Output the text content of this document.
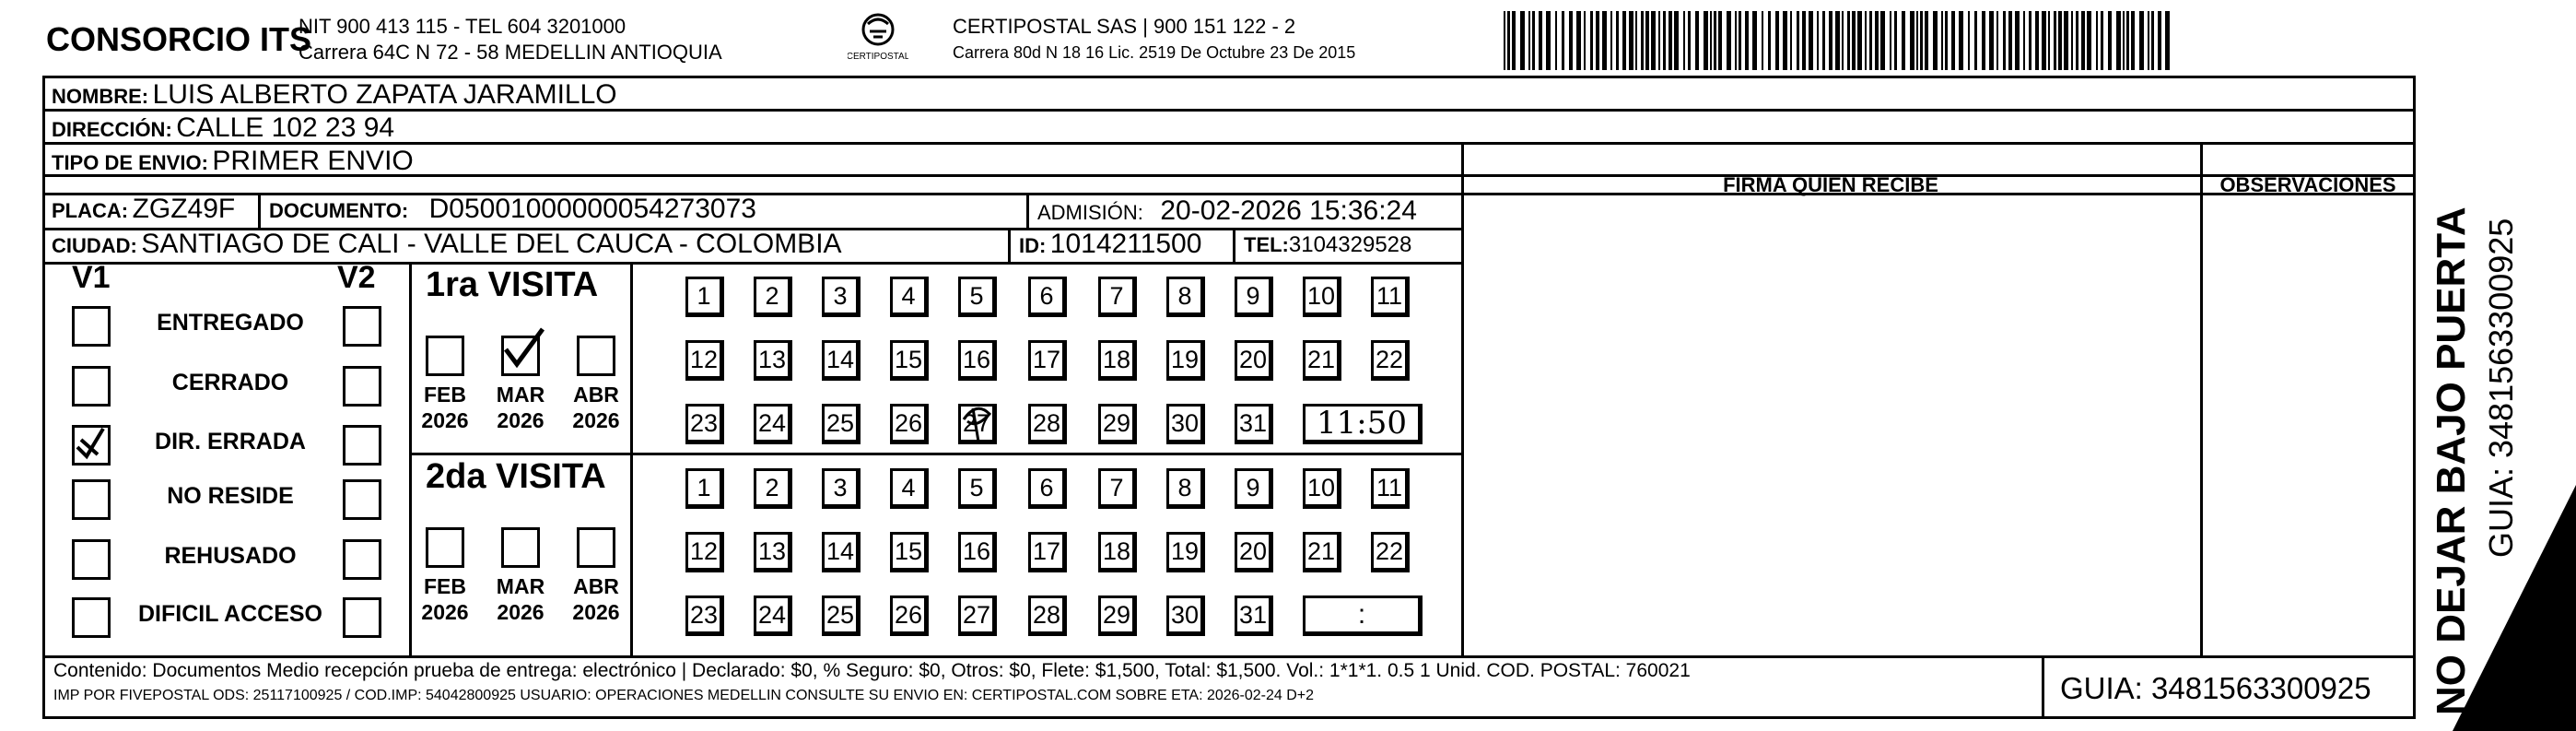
CONSORCIO ITS
NIT 900 413 115 - TEL 604 3201000
Carrera 64C N 72 - 58 MEDELLIN ANTIOQUIA	CERTIPOSTAL
CERTIPOSTAL SAS | 900 151 122 - 2
Carrera 80d N 18 16 Lic. 2519 De Octubre 23 De 2015
NOMBRE: LUIS ALBERTO ZAPATA JARAMILLO
DIRECCIÓN: CALLE 102 23 94
TIPO DE ENVIO: PRIMER ENVIO
FIRMA QUIEN RECIBE	OBSERVACIONES
PLACA: ZGZ49F DOCUMENTO: D05001000000054273073	ADMISIÓN: 20-02-2026 15:36:24
CIUDAD: SANTIAGO DE CALI - VALLE DEL CAUCA - COLOMBIA	ID: 1014211500 TEL:3104329528
V1	V2
ENTREGADO
CERRADO
DIR. ERRADA
NO RESIDE
REHUSADO
DIFICIL ACCESO
1ra VISITA
FEB
2026
MAR
2026
ABR
2026
1	2	3	4	5	6	7	8	9	10 11
12 13 14 15 16 17 18 19 20 21 22
23 24 25 26 27 28 29 30 31	11:50
2da VISITA
FEB
2026
MAR
2026
ABR
2026
1	2	3	4	5	6	7	8	9	10 11
12 13 14 15 16 17 18 19 20 21 22
23 24 25 26 27 28 29 30 31	:
Contenido: Documentos Medio recepción prueba de entrega: electrónico | Declarado: $0, % Seguro: $0, Otros: $0, Flete: $1,500, Total: $1,500. Vol.: 1*1*1. 0.5 1 Unid. COD. POSTAL: 760021
IMP POR FIVEPOSTAL ODS: 25117100925 / COD.IMP: 54042800925 USUARIO: OPERACIONES MEDELLIN CONSULTE SU ENVIO EN: CERTIPOSTAL.COM SOBRE ETA: 2026-02-24 D+2	GUIA: 3481563300925 NO DEJAR BAJO PUERTA GUIA: 3481563300925
